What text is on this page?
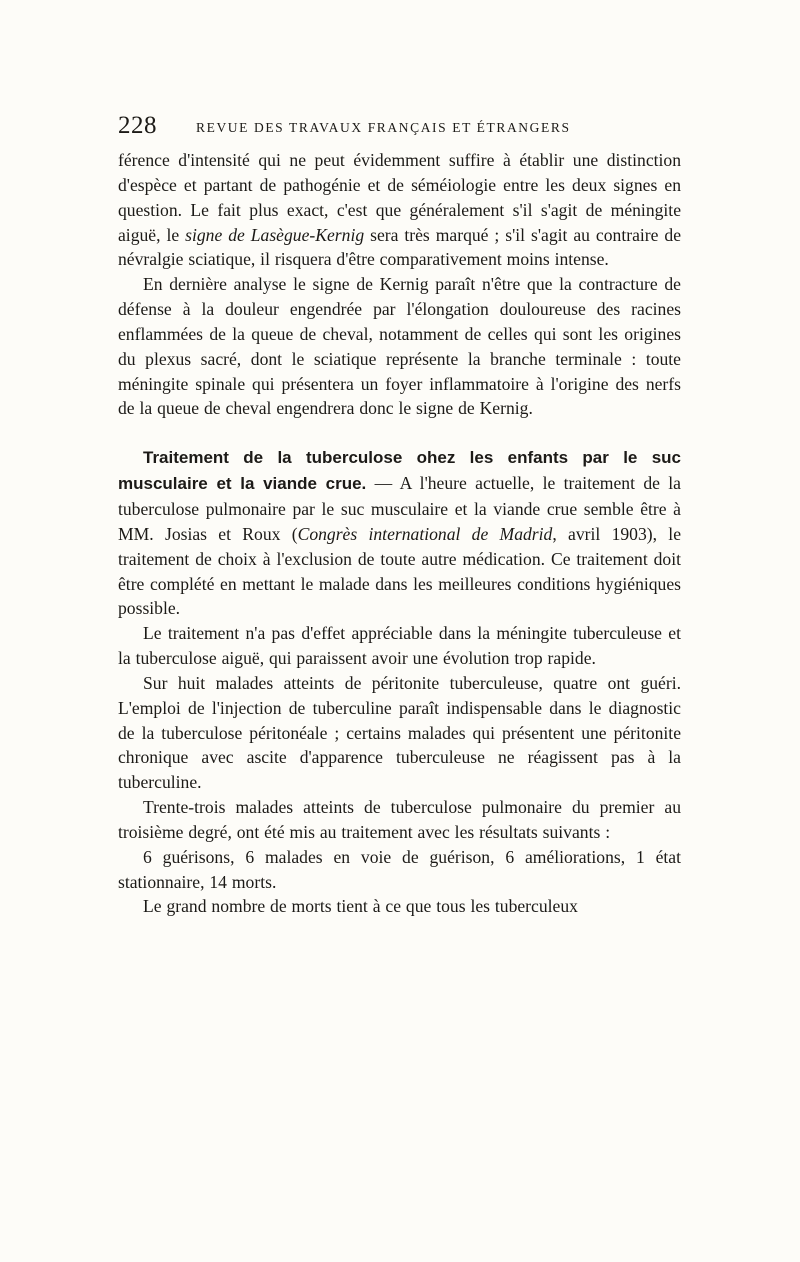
228	REVUE DES TRAVAUX FRANÇAIS ET ÉTRANGERS

férence d'intensité qui ne peut évidemment suffire à établir une distinction d'espèce et partant de pathogénie et de séméiologie entre les deux signes en question. Le fait plus exact, c'est que généralement s'il s'agit de méningite aiguë, le signe de Lasègue-Kernig sera très marqué ; s'il s'agit au contraire de névralgie sciatique, il risquera d'être comparativement moins intense.

En dernière analyse le signe de Kernig paraît n'être que la contracture de défense à la douleur engendrée par l'élongation douloureuse des racines enflammées de la queue de cheval, notamment de celles qui sont les origines du plexus sacré, dont le sciatique représente la branche terminale : toute méningite spinale qui présentera un foyer inflammatoire à l'origine des nerfs de la queue de cheval engendrera donc le signe de Kernig.

Traitement de la tuberculose ohez les enfants par le suc musculaire et la viande crue. — A l'heure actuelle, le traitement de la tuberculose pulmonaire par le suc musculaire et la viande crue semble être à MM. Josias et Roux (Congrès international de Madrid, avril 1903), le traitement de choix à l'exclusion de toute autre médication. Ce traitement doit être complété en mettant le malade dans les meilleures conditions hygiéniques possible.

Le traitement n'a pas d'effet appréciable dans la méningite tuberculeuse et la tuberculose aiguë, qui paraissent avoir une évolution trop rapide.

Sur huit malades atteints de péritonite tuberculeuse, quatre ont guéri. L'emploi de l'injection de tuberculine paraît indispensable dans le diagnostic de la tuberculose péritonéale ; certains malades qui présentent une péritonite chronique avec ascite d'apparence tuberculeuse ne réagissent pas à la tuberculine.

Trente-trois malades atteints de tuberculose pulmonaire du premier au troisième degré, ont été mis au traitement avec les résultats suivants :

6 guérisons, 6 malades en voie de guérison, 6 améliorations, 1 état stationnaire, 14 morts.

Le grand nombre de morts tient à ce que tous les tuberculeux
